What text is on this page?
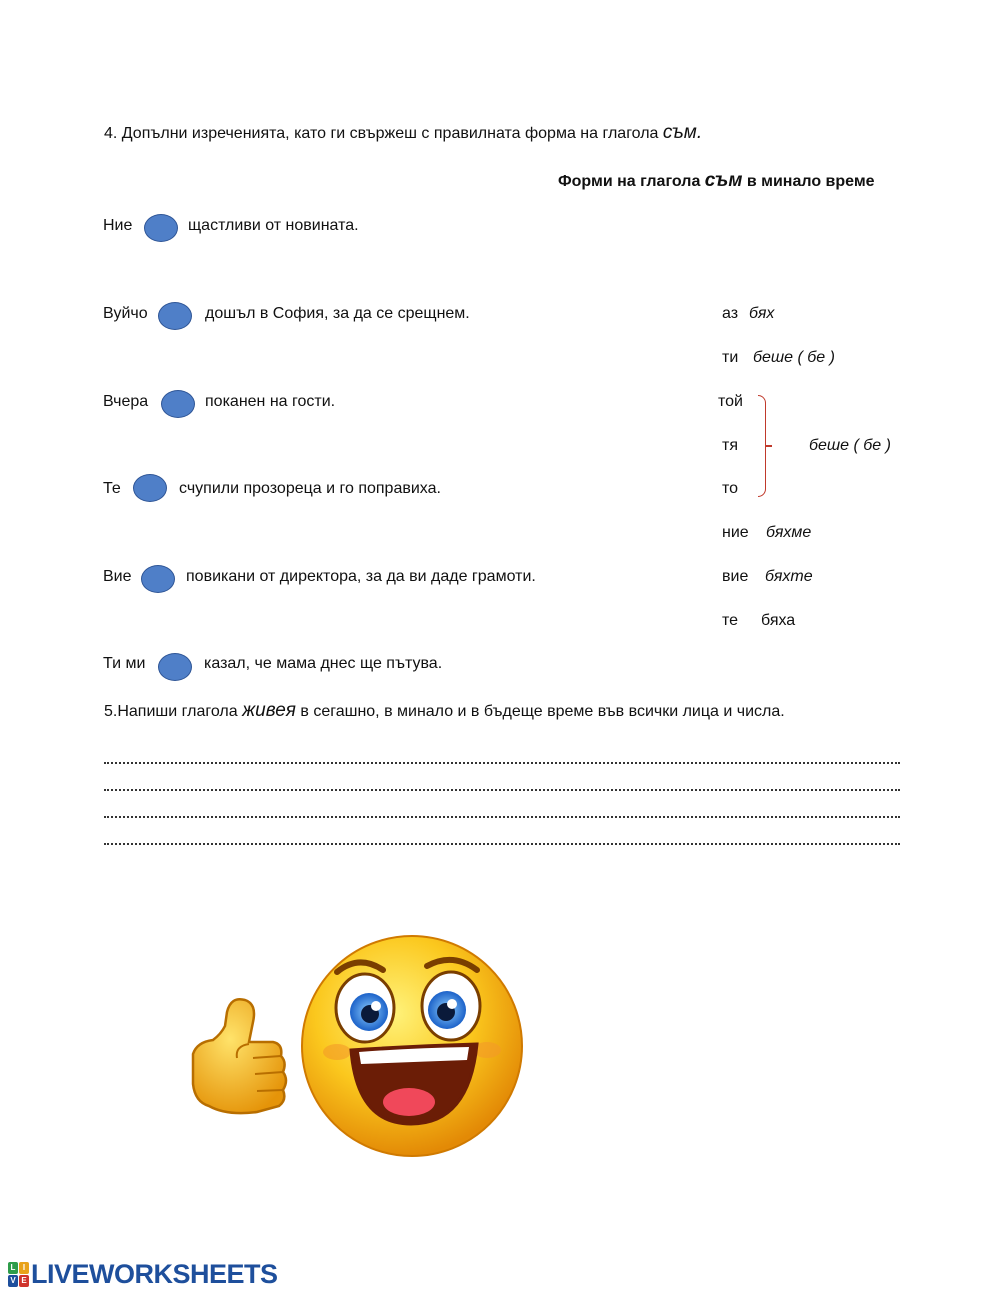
4. Допълни изреченията, като ги свържеш с правилната форма на глагола съм.
Форми на глагола съм в минало време
Ние	щастливи от новината.
Вуйчо	дошъл в София, за да се срещнем.
Вчера	поканен на гости.
Те	счупили прозореца и го поправиха.
Вие	повикани от директора, за да ви даде грамоти.
Ти ми	казал, че мама днес ще пътува.
аз бях
ти беше ( бе )
той
тя
то
беше ( бе )
ние бяхме
вие бяхте
те бяха
5.Напиши глагола живея в сегашно, в минало и в бъдеще време във всички лица и числа.
L I
V E LIVEWORKSHEETS
